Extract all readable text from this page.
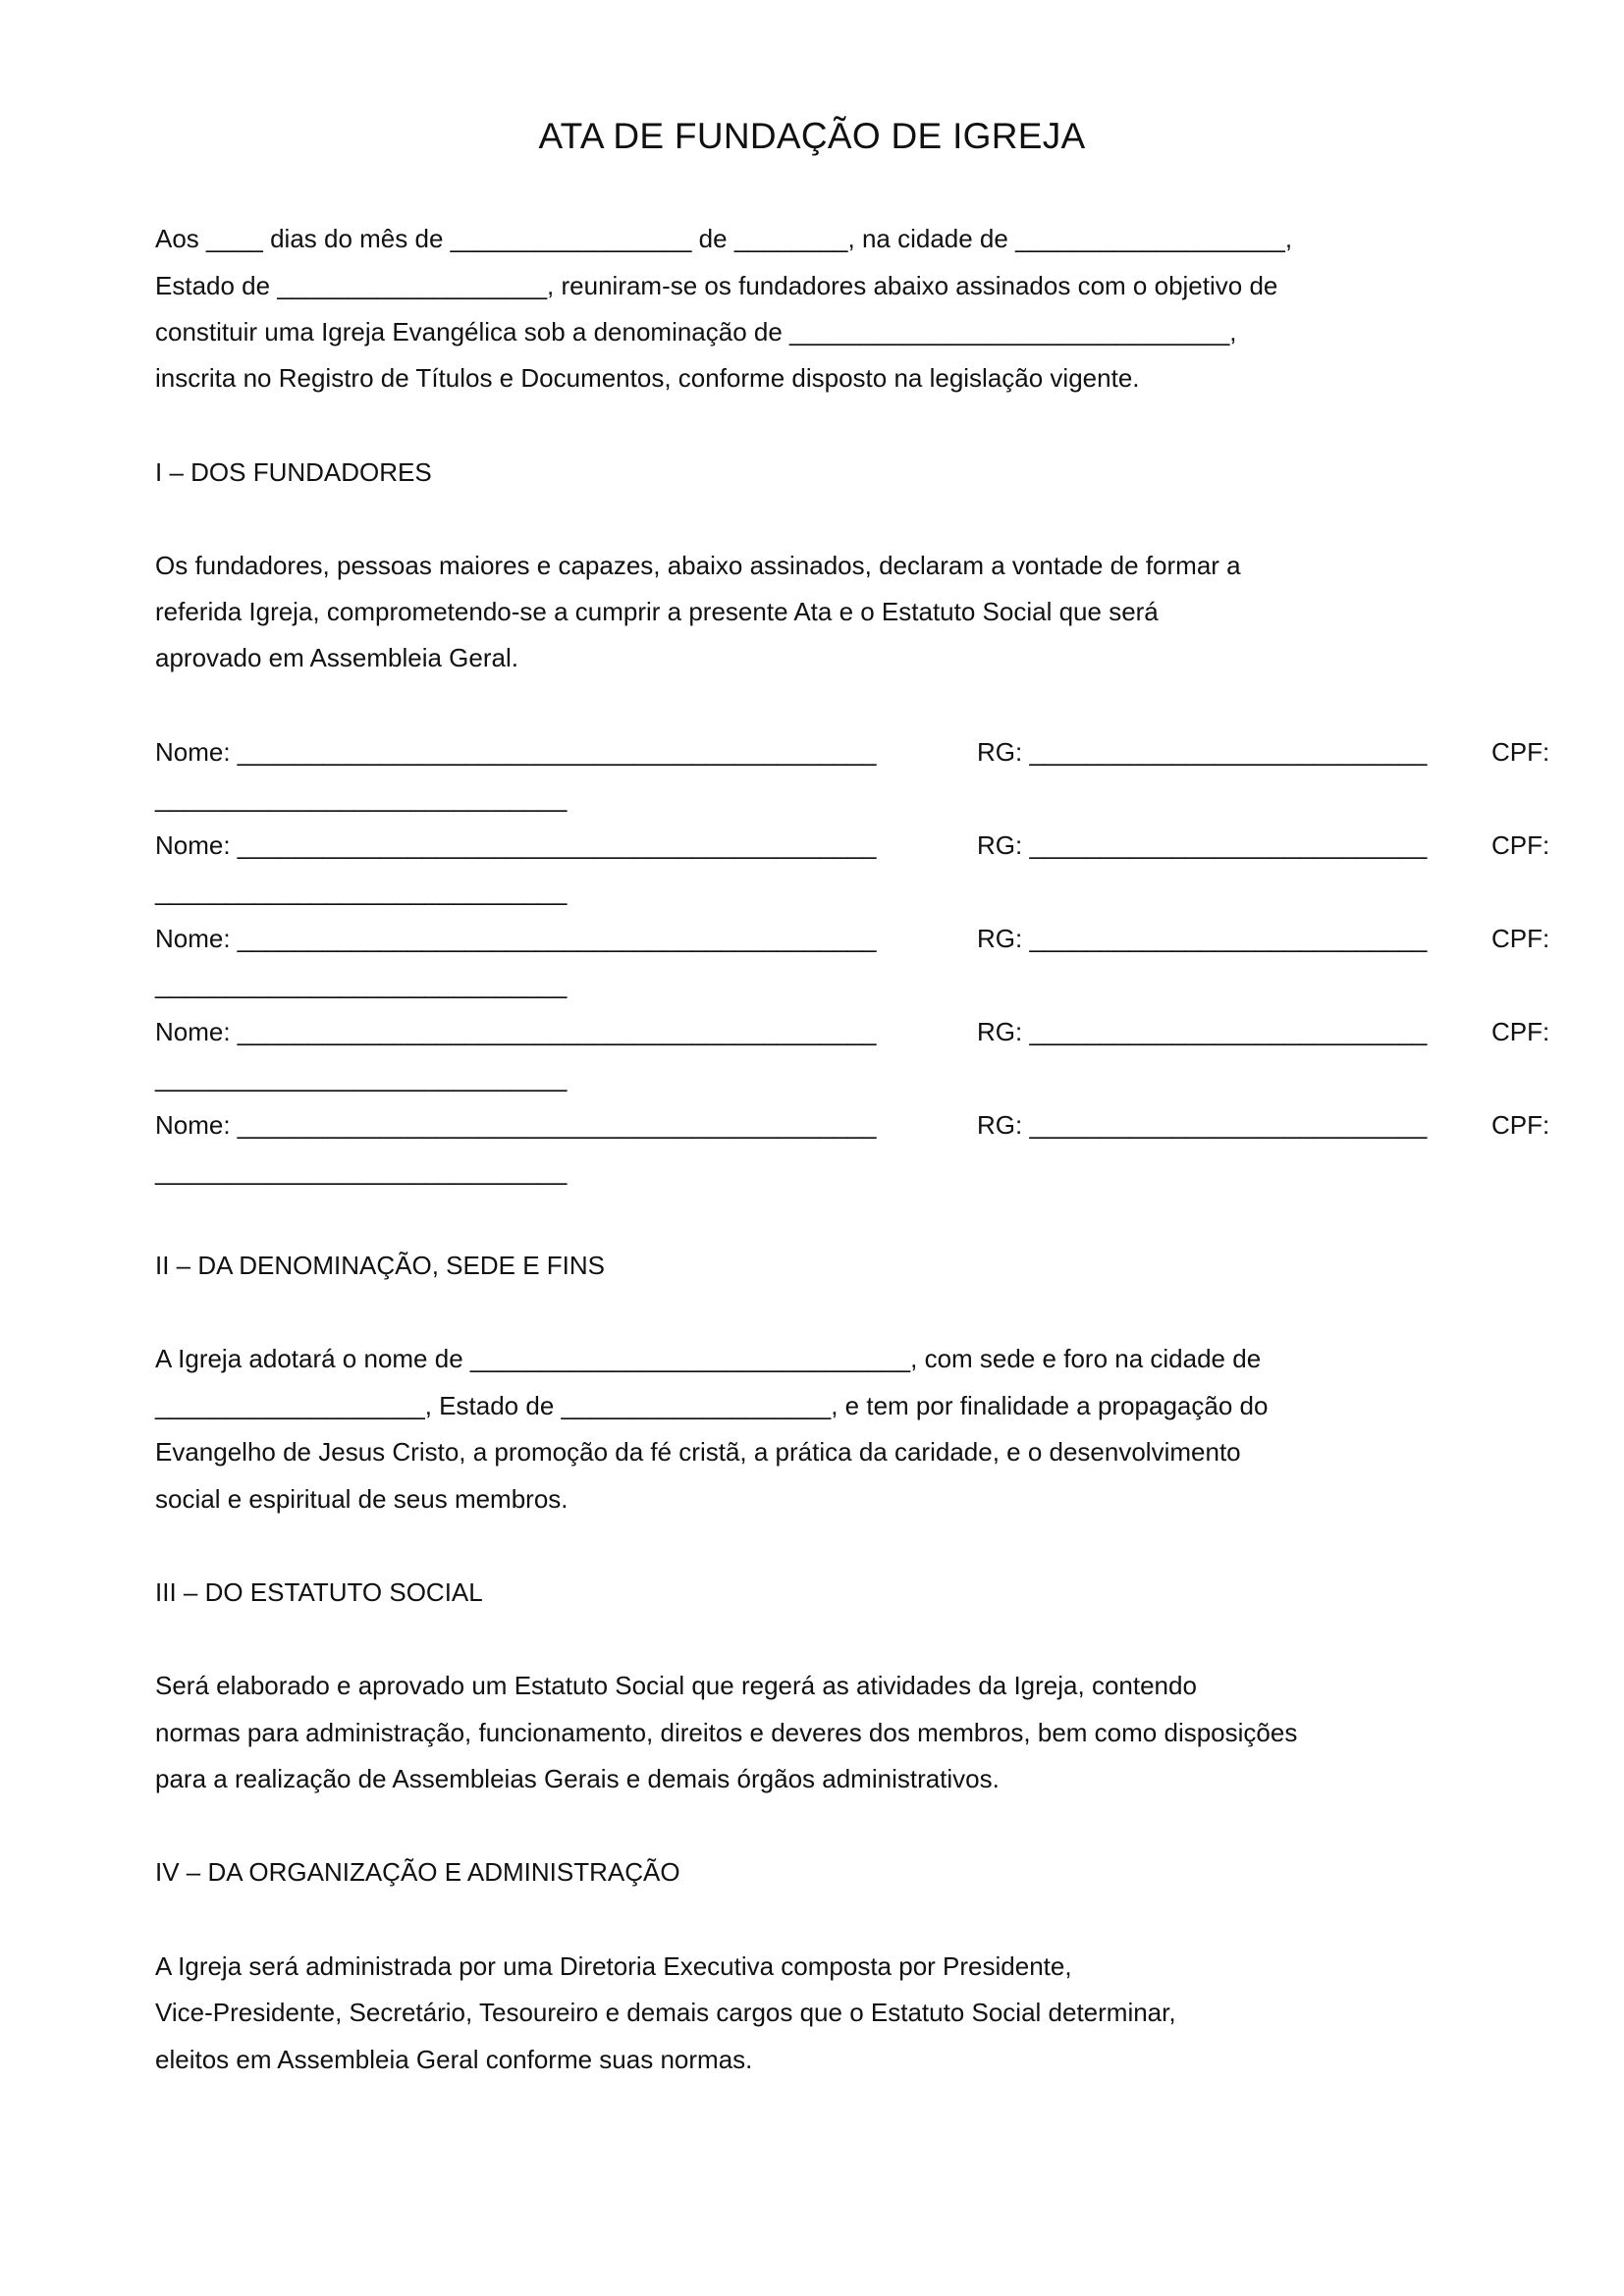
ATA DE FUNDAÇÃO DE IGREJA
Aos ____ dias do mês de _________________ de ________, na cidade de ___________________,
Estado de ___________________, reuniram-se os fundadores abaixo assinados com o objetivo de
constituir uma Igreja Evangélica sob a denominação de _______________________________,
inscrita no Registro de Títulos e Documentos, conforme disposto na legislação vigente.
I – DOS FUNDADORES
Os fundadores, pessoas maiores e capazes, abaixo assinados, declaram a vontade de formar a
referida Igreja, comprometendo-se a cumprir a presente Ata e o Estatuto Social que será
aprovado em Assembleia Geral.
Nome: _____________________________________________	RG: ____________________________	CPF:
_____________________________
Nome: _____________________________________________	RG: ____________________________	CPF:
_____________________________
Nome: _____________________________________________	RG: ____________________________	CPF:
_____________________________
Nome: _____________________________________________	RG: ____________________________	CPF:
_____________________________
Nome: _____________________________________________	RG: ____________________________	CPF:
_____________________________
II – DA DENOMINAÇÃO, SEDE E FINS
A Igreja adotará o nome de _______________________________, com sede e foro na cidade de
___________________, Estado de ___________________, e tem por finalidade a propagação do
Evangelho de Jesus Cristo, a promoção da fé cristã, a prática da caridade, e o desenvolvimento
social e espiritual de seus membros.
III – DO ESTATUTO SOCIAL
Será elaborado e aprovado um Estatuto Social que regerá as atividades da Igreja, contendo
normas para administração, funcionamento, direitos e deveres dos membros, bem como disposições
para a realização de Assembleias Gerais e demais órgãos administrativos.
IV – DA ORGANIZAÇÃO E ADMINISTRAÇÃO
A Igreja será administrada por uma Diretoria Executiva composta por Presidente,
Vice-Presidente, Secretário, Tesoureiro e demais cargos que o Estatuto Social determinar,
eleitos em Assembleia Geral conforme suas normas.
